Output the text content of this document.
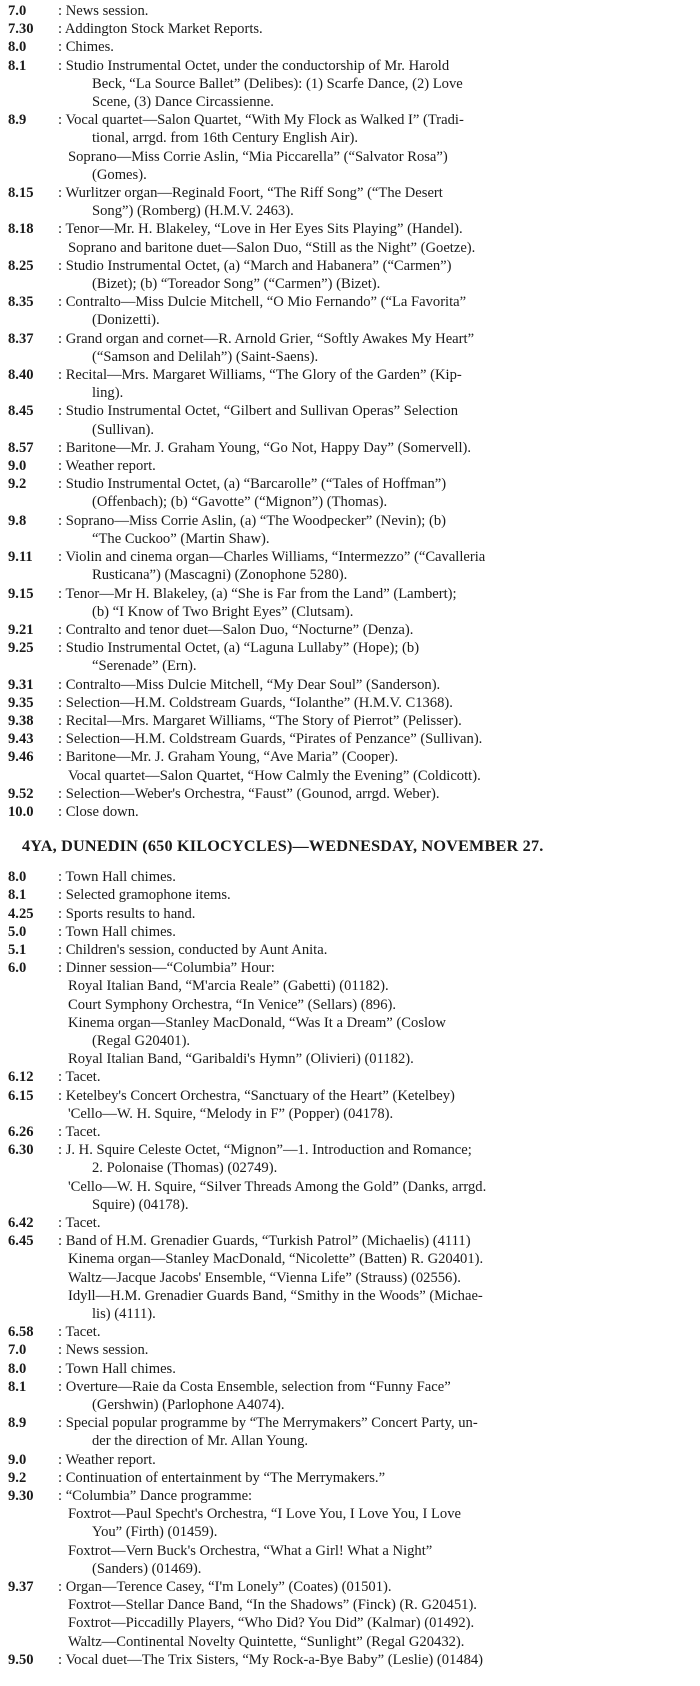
7.0	: News session.
7.30	: Addington Stock Market Reports.
8.0	: Chimes.
8.1	: Studio Instrumental Octet, under the conductorship of Mr. Harold
Beck, “La Source Ballet” (Delibes): (1) Scarfe Dance, (2) Love
Scene, (3) Dance Circassienne.
8.9	: Vocal quartet—Salon Quartet, “With My Flock as Walked I” (Tradi-
tional, arrgd. from 16th Century English Air).
Soprano—Miss Corrie Aslin, “Mia Piccarella” (“Salvator Rosa”)
(Gomes).
8.15	: Wurlitzer organ—Reginald Foort, “The Riff Song” (“The Desert
Song”) (Romberg) (H.M.V. 2463).
8.18	: Tenor—Mr. H. Blakeley, “Love in Her Eyes Sits Playing” (Handel).
Soprano and baritone duet—Salon Duo, “Still as the Night” (Goetze).
8.25	: Studio Instrumental Octet, (a) “March and Habanera” (“Carmen”)
(Bizet); (b) “Toreador Song” (“Carmen”) (Bizet).
8.35	: Contralto—Miss Dulcie Mitchell, “O Mio Fernando” (“La Favorita”
(Donizetti).
8.37	: Grand organ and cornet—R. Arnold Grier, “Softly Awakes My Heart”
(“Samson and Delilah”) (Saint-Saens).
8.40	: Recital—Mrs. Margaret Williams, “The Glory of the Garden” (Kip-
ling).
8.45	: Studio Instrumental Octet, “Gilbert and Sullivan Operas” Selection
(Sullivan).
8.57	: Baritone—Mr. J. Graham Young, “Go Not, Happy Day” (Somervell).
9.0	: Weather report.
9.2	: Studio Instrumental Octet, (a) “Barcarolle” (“Tales of Hoffman”)
(Offenbach); (b) “Gavotte” (“Mignon”) (Thomas).
9.8	: Soprano—Miss Corrie Aslin, (a) “The Woodpecker” (Nevin); (b)
“The Cuckoo” (Martin Shaw).
9.11	: Violin and cinema organ—Charles Williams, “Intermezzo” (“Cavalleria
Rusticana”) (Mascagni) (Zonophone 5280).
9.15	: Tenor—Mr H. Blakeley, (a) “She is Far from the Land” (Lambert);
(b) “I Know of Two Bright Eyes” (Clutsam).
9.21	: Contralto and tenor duet—Salon Duo, “Nocturne” (Denza).
9.25	: Studio Instrumental Octet, (a) “Laguna Lullaby” (Hope); (b)
“Serenade” (Ern).
9.31	: Contralto—Miss Dulcie Mitchell, “My Dear Soul” (Sanderson).
9.35	: Selection—H.M. Coldstream Guards, “Iolanthe” (H.M.V. C1368).
9.38	: Recital—Mrs. Margaret Williams, “The Story of Pierrot” (Pelisser).
9.43	: Selection—H.M. Coldstream Guards, “Pirates of Penzance” (Sullivan).
9.46	: Baritone—Mr. J. Graham Young, “Ave Maria” (Cooper).
Vocal quartet—Salon Quartet, “How Calmly the Evening” (Coldicott).
9.52	: Selection—Weber's Orchestra, “Faust” (Gounod, arrgd. Weber).
10.0	: Close down.
4YA, DUNEDIN (650 KILOCYCLES)—WEDNESDAY, NOVEMBER 27.
8.0	: Town Hall chimes.
8.1	: Selected gramophone items.
4.25	: Sports results to hand.
5.0	: Town Hall chimes.
5.1	: Children's session, conducted by Aunt Anita.
6.0	: Dinner session—“Columbia” Hour:
Royal Italian Band, “M'arcia Reale” (Gabetti) (01182).
Court Symphony Orchestra, “In Venice” (Sellars) (896).
Kinema organ—Stanley MacDonald, “Was It a Dream” (Coslow
(Regal G20401).
Royal Italian Band, “Garibaldi's Hymn” (Olivieri) (01182).
6.12	: Tacet.
6.15	: Ketelbey's Concert Orchestra, “Sanctuary of the Heart” (Ketelbey)
'Cello—W. H. Squire, “Melody in F” (Popper) (04178).
6.26	: Tacet.
6.30	: J. H. Squire Celeste Octet, “Mignon”—1. Introduction and Romance;
2. Polonaise (Thomas) (02749).
'Cello—W. H. Squire, “Silver Threads Among the Gold” (Danks, arrgd.
Squire) (04178).
6.42	: Tacet.
6.45	: Band of H.M. Grenadier Guards, “Turkish Patrol” (Michaelis) (4111)
Kinema organ—Stanley MacDonald, “Nicolette” (Batten) R. G20401).
Waltz—Jacque Jacobs' Ensemble, “Vienna Life” (Strauss) (02556).
Idyll—H.M. Grenadier Guards Band, “Smithy in the Woods” (Michae-
lis) (4111).
6.58	: Tacet.
7.0	: News session.
8.0	: Town Hall chimes.
8.1	: Overture—Raie da Costa Ensemble, selection from “Funny Face”
(Gershwin) (Parlophone A4074).
8.9	: Special popular programme by “The Merrymakers” Concert Party, un-
der the direction of Mr. Allan Young.
9.0	: Weather report.
9.2	: Continuation of entertainment by “The Merrymakers.”
9.30	: “Columbia” Dance programme:
Foxtrot—Paul Specht's Orchestra, “I Love You, I Love You, I Love
You” (Firth) (01459).
Foxtrot—Vern Buck's Orchestra, “What a Girl! What a Night”
(Sanders) (01469).
9.37	: Organ—Terence Casey, “I'm Lonely” (Coates) (01501).
Foxtrot—Stellar Dance Band, “In the Shadows” (Finck) (R. G20451).
Foxtrot—Piccadilly Players, “Who Did? You Did” (Kalmar) (01492).
Waltz—Continental Novelty Quintette, “Sunlight” (Regal G20432).
9.50	: Vocal duet—The Trix Sisters, “My Rock-a-Bye Baby” (Leslie) (01484)
